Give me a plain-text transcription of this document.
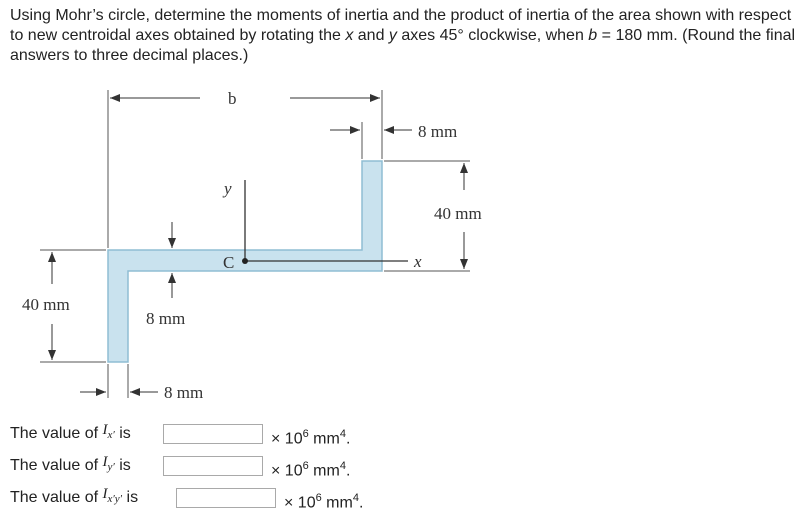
Using Mohr’s circle, determine the moments of inertia and the product of inertia of the area shown with respect to new centroidal axes obtained by rotating the x and y axes 45° clockwise, when b = 180 mm. (Round the final answers to three decimal places.)

b
8 mm
40 mm
40 mm
8 mm
8 mm
y
x
C
The value of $I_{x'}$ is	× $10^6$ $mm^4$.
The value of $I_{y'}$ is	× $10^6$ $mm^4$.
The value of $I_{x'y'}$ is	× $10^6$ $mm^4$.
